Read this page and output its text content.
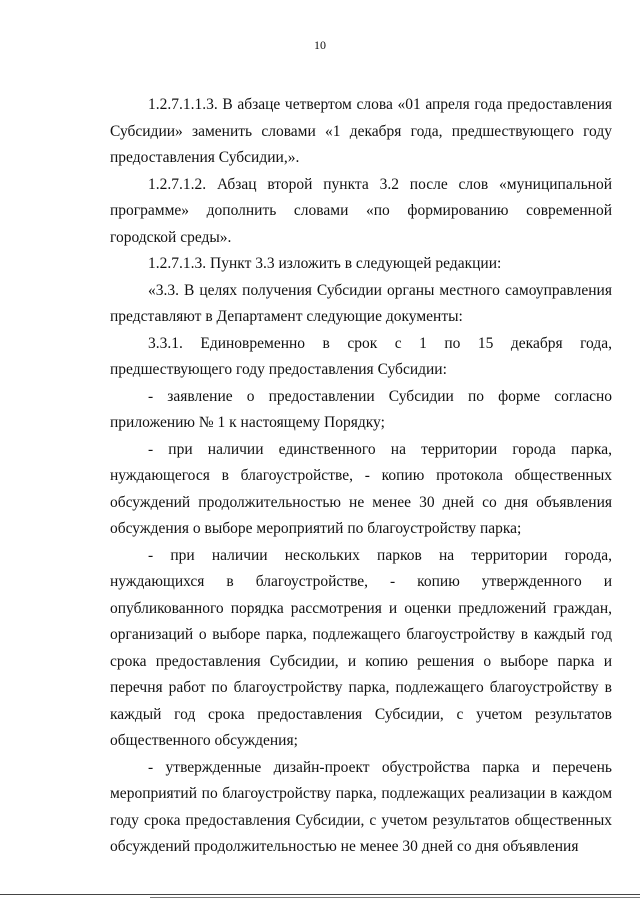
10

1.2.7.1.1.3. В абзаце четвертом слова «01 апреля года предоставления Субсидии» заменить словами «1 декабря года, предшествующего году предоставления Субсидии,».

1.2.7.1.2. Абзац второй пункта 3.2 после слов «муниципальной программе» дополнить словами «по формированию современной городской среды».

1.2.7.1.3. Пункт 3.3 изложить в следующей редакции:

«3.3. В целях получения Субсидии органы местного самоуправления представляют в Департамент следующие документы:

3.3.1. Единовременно в срок с 1 по 15 декабря года, предшествующего году предоставления Субсидии:

- заявление о предоставлении Субсидии по форме согласно приложению № 1 к настоящему Порядку;

- при наличии единственного на территории города парка, нуждающегося в благоустройстве, - копию протокола общественных обсуждений продолжительностью не менее 30 дней со дня объявления обсуждения о выборе мероприятий по благоустройству парка;

- при наличии нескольких парков на территории города, нуждающихся в благоустройстве, - копию утвержденного и опубликованного порядка рассмотрения и оценки предложений граждан, организаций о выборе парка, подлежащего благоустройству в каждый год срока предоставления Субсидии, и копию решения о выборе парка и перечня работ по благоустройству парка, подлежащего благоустройству в каждый год срока предоставления Субсидии, с учетом результатов общественного обсуждения;

- утвержденные дизайн-проект обустройства парка и перечень мероприятий по благоустройству парка, подлежащих реализации в каждом году срока предоставления Субсидии, с учетом результатов общественных обсуждений продолжительностью не менее 30 дней со дня объявления
